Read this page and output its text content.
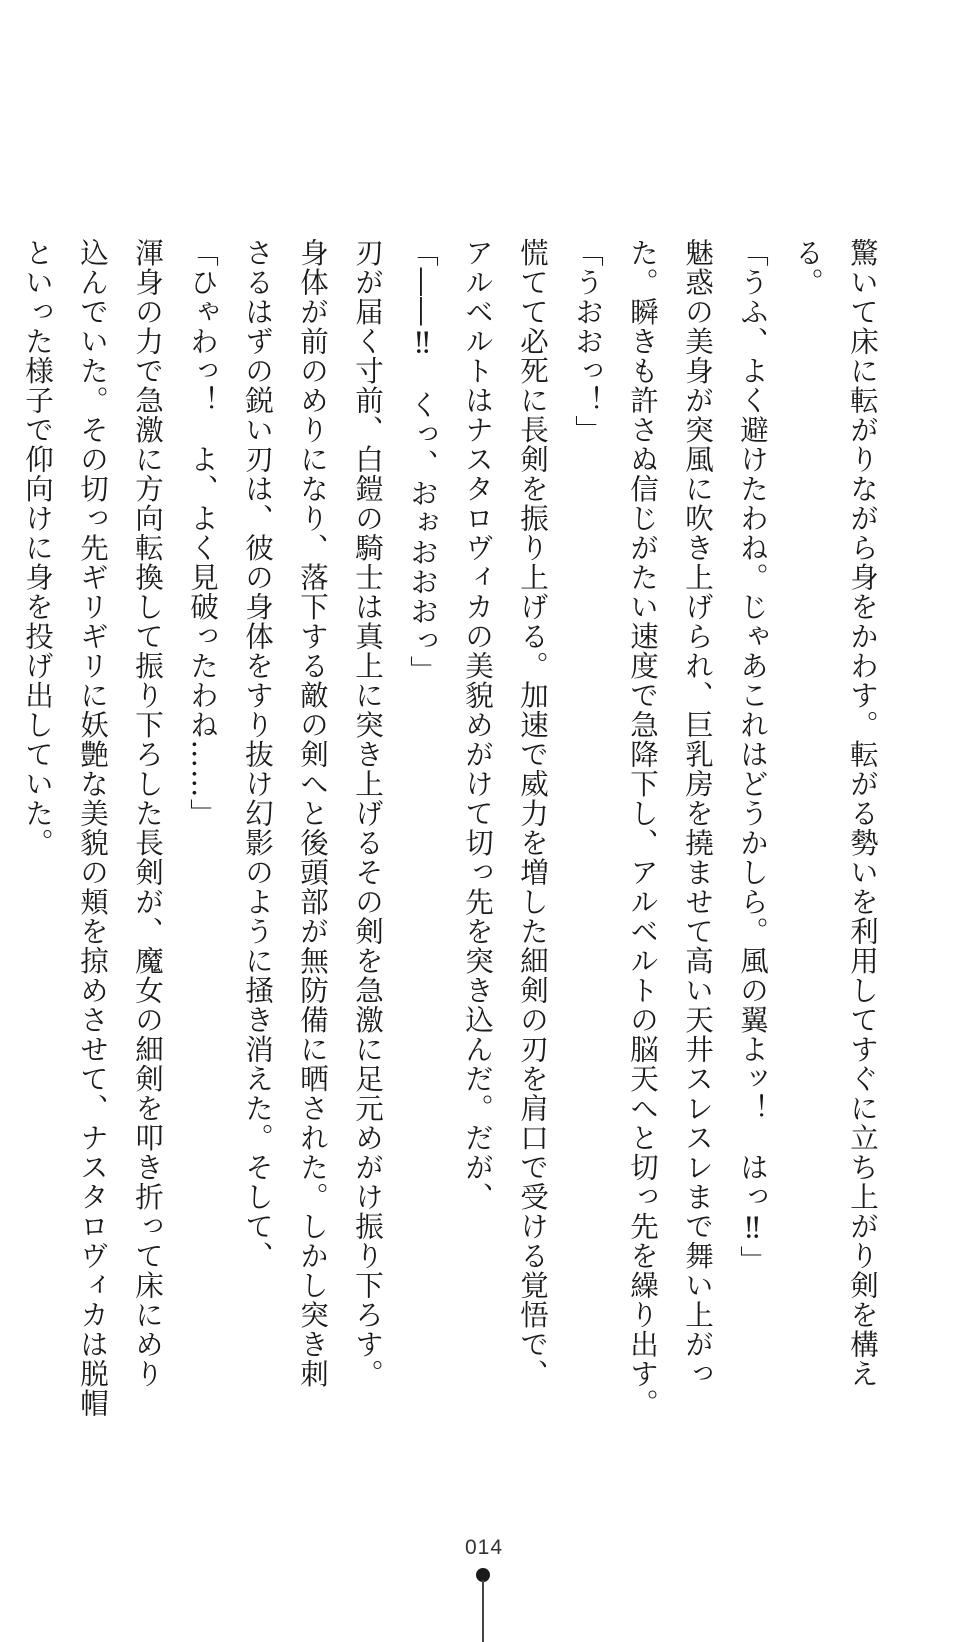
驚いて床に転がりながら身をかわす。転がる勢いを利用してすぐに立ち上がり剣を構え
る。
「うふ、よく避けたわね。じゃあこれはどうかしら。風の翼よッ！　はっ‼」
魅惑の美身が突風に吹き上げられ、巨乳房を撓ませて高い天井スレスレまで舞い上がっ
た。瞬きも許さぬ信じがたい速度で急降下し、アルベルトの脳天へと切っ先を繰り出す。
「うおおっ！」
慌てて必死に長剣を振り上げる。加速で威力を増した細剣の刃を肩口で受ける覚悟で、
アルベルトはナスタロヴィカの美貌めがけて切っ先を突き込んだ。だが、
「――‼　くっ、おぉおおおっ」
刃が届く寸前、白鎧の騎士は真上に突き上げるその剣を急激に足元めがけ振り下ろす。
身体が前のめりになり、落下する敵の剣へと後頭部が無防備に晒された。しかし突き刺
さるはずの鋭い刃は、彼の身体をすり抜け幻影のように掻き消えた。そして、
「ひゃわっ！　よ、よく見破ったわね……」
渾身の力で急激に方向転換して振り下ろした長剣が、魔女の細剣を叩き折って床にめり
込んでいた。その切っ先ギリギリに妖艶な美貌の頬を掠めさせて、ナスタロヴィカは脱帽
といった様子で仰向けに身を投げ出していた。
014
